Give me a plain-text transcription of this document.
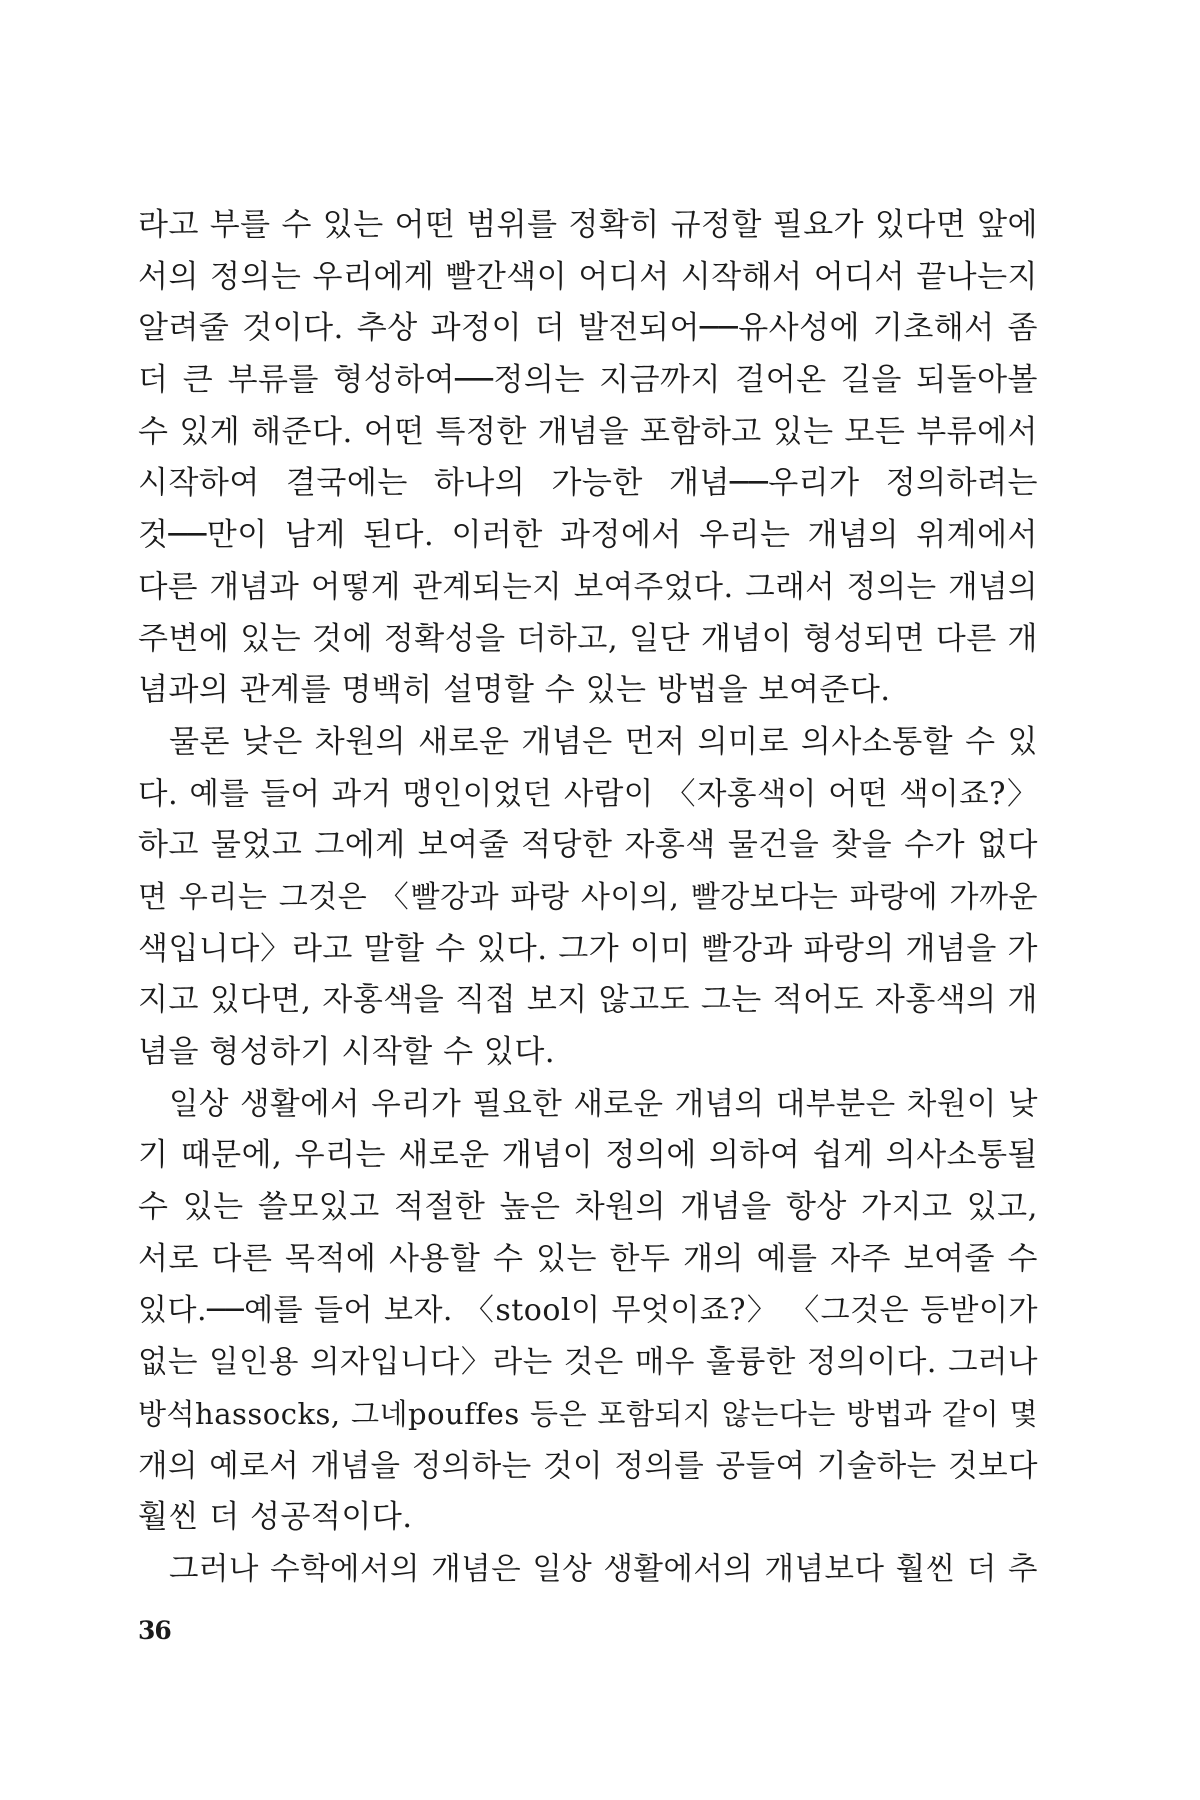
라고 부를 수 있는 어떤 범위를 정확히 규정할 필요가 있다면 앞에
서의 정의는 우리에게 빨간색이 어디서 시작해서 어디서 끝나는지
알려줄 것이다. 추상 과정이 더 발전되어──유사성에 기초해서 좀
더 큰 부류를 형성하여──정의는 지금까지 걸어온 길을 되돌아볼
수 있게 해준다. 어떤 특정한 개념을 포함하고 있는 모든 부류에서
시작하여 결국에는 하나의 가능한 개념──우리가 정의하려는
것──만이 남게 된다. 이러한 과정에서 우리는 개념의 위계에서
다른 개념과 어떻게 관계되는지 보여주었다. 그래서 정의는 개념의
주변에 있는 것에 정확성을 더하고, 일단 개념이 형성되면 다른 개
념과의 관계를 명백히 설명할 수 있는 방법을 보여준다.
물론 낮은 차원의 새로운 개념은 먼저 의미로 의사소통할 수 있
다. 예를 들어 과거 맹인이었던 사람이 〈자홍색이 어떤 색이죠?〉
하고 물었고 그에게 보여줄 적당한 자홍색 물건을 찾을 수가 없다
면 우리는 그것은 〈빨강과 파랑 사이의, 빨강보다는 파랑에 가까운
색입니다〉라고 말할 수 있다. 그가 이미 빨강과 파랑의 개념을 가
지고 있다면, 자홍색을 직접 보지 않고도 그는 적어도 자홍색의 개
념을 형성하기 시작할 수 있다.
일상 생활에서 우리가 필요한 새로운 개념의 대부분은 차원이 낮
기 때문에, 우리는 새로운 개념이 정의에 의하여 쉽게 의사소통될
수 있는 쓸모있고 적절한 높은 차원의 개념을 항상 가지고 있고,
서로 다른 목적에 사용할 수 있는 한두 개의 예를 자주 보여줄 수
있다.──예를 들어 보자. 〈stool이 무엇이죠?〉 〈그것은 등받이가
없는 일인용 의자입니다〉라는 것은 매우 훌륭한 정의이다. 그러나
방석hassocks, 그네pouffes 등은 포함되지 않는다는 방법과 같이 몇
개의 예로서 개념을 정의하는 것이 정의를 공들여 기술하는 것보다
훨씬 더 성공적이다.
그러나 수학에서의 개념은 일상 생활에서의 개념보다 훨씬 더 추
36
